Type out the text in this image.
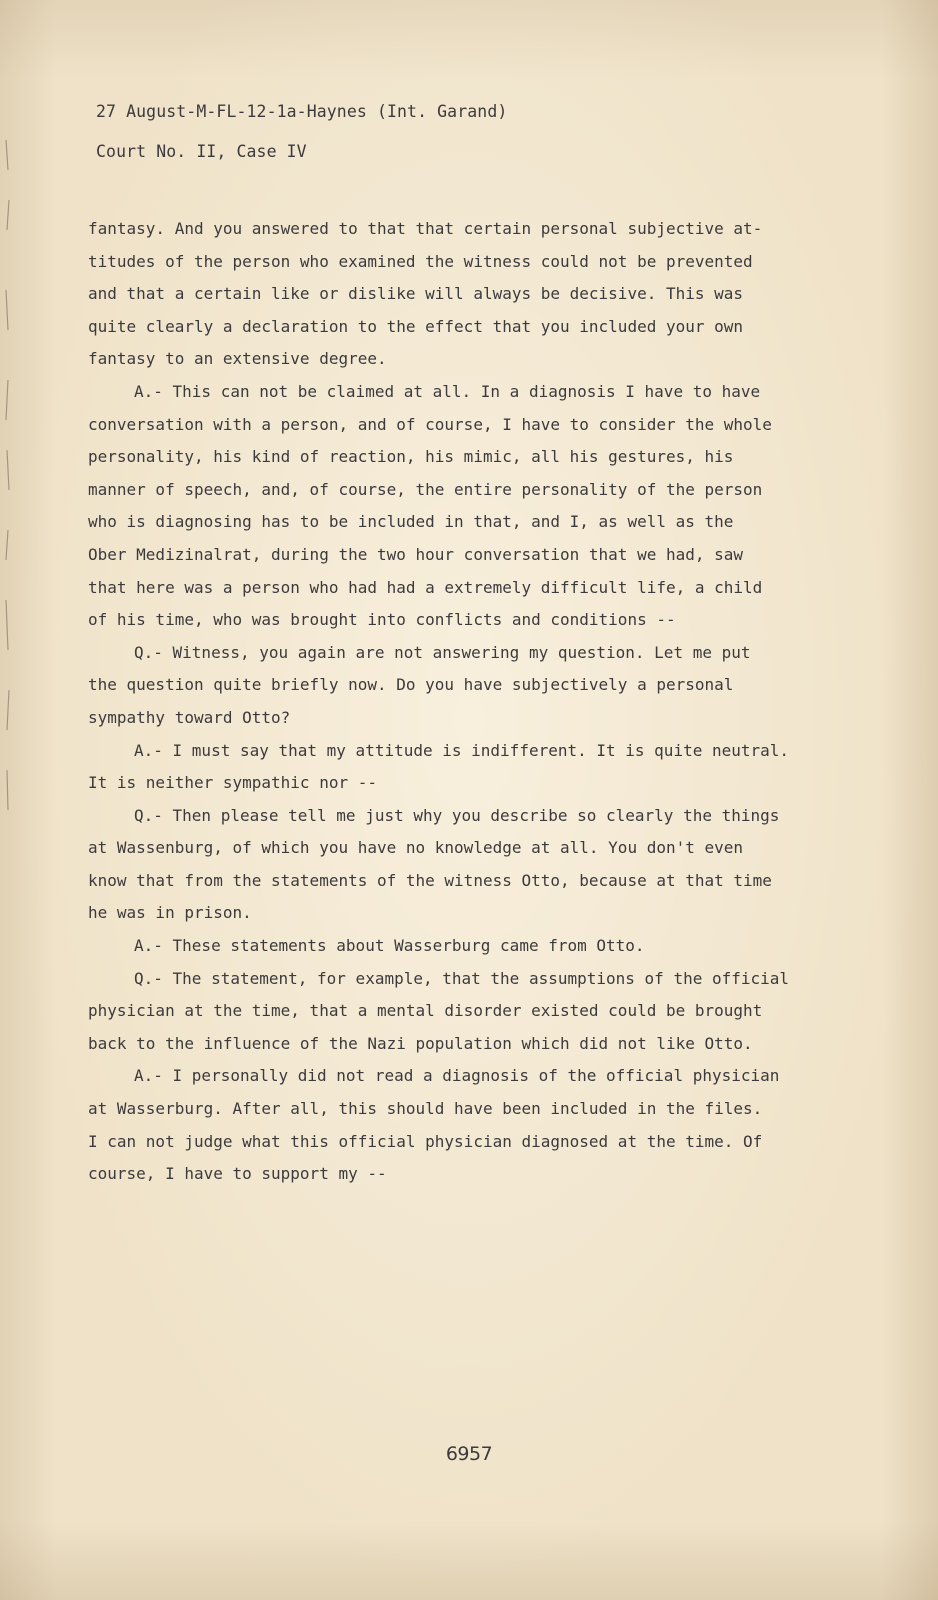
27 August-M-FL-12-1a-Haynes (Int. Garand)
Court No. II, Case IV
fantasy. And you answered to that that certain personal subjective at-
titudes of the person who examined the witness could not be prevented
and that a certain like or dislike will always be decisive. This was
quite clearly a declaration to the effect that you included your own
fantasy to an extensive degree.
A.- This can not be claimed at all. In a diagnosis I have to have
conversation with a person, and of course, I have to consider the whole
personality, his kind of reaction, his mimic, all his gestures, his
manner of speech, and, of course, the entire personality of the person
who is diagnosing has to be included in that, and I, as well as the
Ober Medizinalrat, during the two hour conversation that we had, saw
that here was a person who had had a extremely difficult life, a child
of his time, who was brought into conflicts and conditions --
Q.- Witness, you again are not answering my question. Let me put
the question quite briefly now. Do you have subjectively a personal
sympathy toward Otto?
A.- I must say that my attitude is indifferent. It is quite neutral.
It is neither sympathic nor --
Q.- Then please tell me just why you describe so clearly the things
at Wassenburg, of which you have no knowledge at all. You don't even
know that from the statements of the witness Otto, because at that time
he was in prison.
A.- These statements about Wasserburg came from Otto.
Q.- The statement, for example, that the assumptions of the official
physician at the time, that a mental disorder existed could be brought
back to the influence of the Nazi population which did not like Otto.
A.- I personally did not read a diagnosis of the official physician
at Wasserburg. After all, this should have been included in the files.
I can not judge what this official physician diagnosed at the time. Of
course, I have to support my --
6957
